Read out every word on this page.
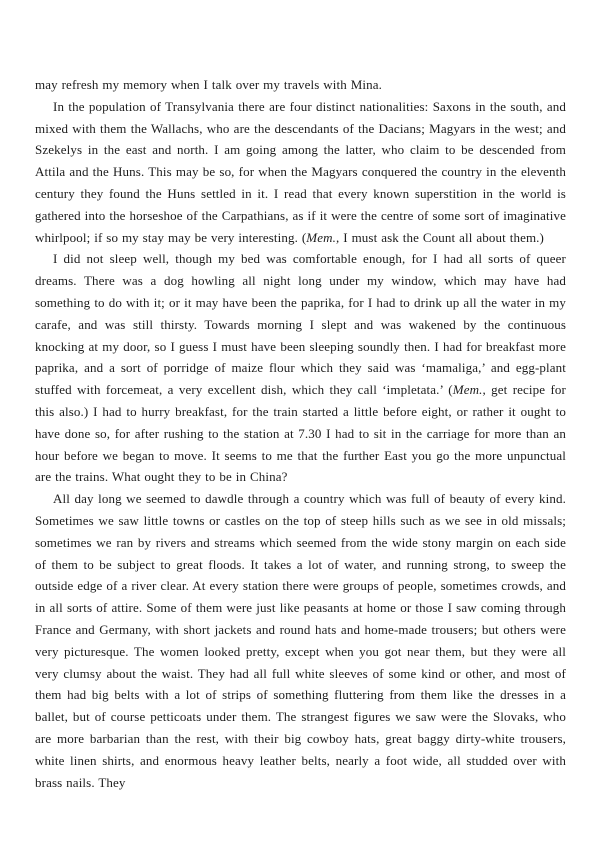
may refresh my memory when I talk over my travels with Mina.

In the population of Transylvania there are four distinct nationalities: Saxons in the south, and mixed with them the Wallachs, who are the descendants of the Dacians; Magyars in the west; and Szekelys in the east and north. I am going among the latter, who claim to be descended from Attila and the Huns. This may be so, for when the Magyars conquered the country in the eleventh century they found the Huns settled in it. I read that every known superstition in the world is gathered into the horseshoe of the Carpathians, as if it were the centre of some sort of imaginative whirlpool; if so my stay may be very interesting. (Mem., I must ask the Count all about them.)

I did not sleep well, though my bed was comfortable enough, for I had all sorts of queer dreams. There was a dog howling all night long under my window, which may have had something to do with it; or it may have been the paprika, for I had to drink up all the water in my carafe, and was still thirsty. Towards morning I slept and was wakened by the continuous knocking at my door, so I guess I must have been sleeping soundly then. I had for breakfast more paprika, and a sort of porridge of maize flour which they said was ‘mamaliga,’ and egg-plant stuffed with forcemeat, a very excellent dish, which they call ‘impletata.’ (Mem., get recipe for this also.) I had to hurry breakfast, for the train started a little before eight, or rather it ought to have done so, for after rushing to the station at 7.30 I had to sit in the carriage for more than an hour before we began to move. It seems to me that the further East you go the more unpunctual are the trains. What ought they to be in China?

All day long we seemed to dawdle through a country which was full of beauty of every kind. Sometimes we saw little towns or castles on the top of steep hills such as we see in old missals; sometimes we ran by rivers and streams which seemed from the wide stony margin on each side of them to be subject to great floods. It takes a lot of water, and running strong, to sweep the outside edge of a river clear. At every station there were groups of people, sometimes crowds, and in all sorts of attire. Some of them were just like peasants at home or those I saw coming through France and Germany, with short jackets and round hats and home-made trousers; but others were very picturesque. The women looked pretty, except when you got near them, but they were all very clumsy about the waist. They had all full white sleeves of some kind or other, and most of them had big belts with a lot of strips of something fluttering from them like the dresses in a ballet, but of course petticoats under them. The strangest figures we saw were the Slovaks, who are more barbarian than the rest, with their big cowboy hats, great baggy dirty-white trousers, white linen shirts, and enormous heavy leather belts, nearly a foot wide, all studded over with brass nails. They
